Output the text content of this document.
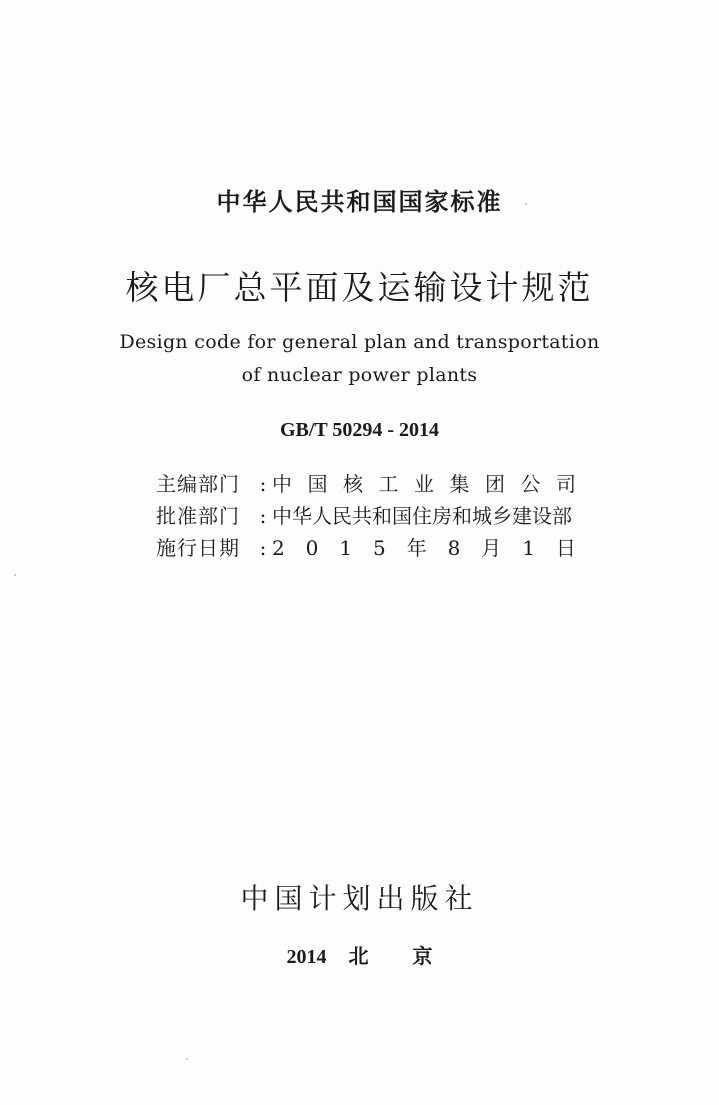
中华人民共和国国家标准
核电厂总平面及运输设计规范
Design code for general plan and transportation
of nuclear power plants
GB/T 50294 - 2014
主编部门 : 中 国 核 工 业 集 团 公 司
批准部门 : 中华人民共和国住房和城乡建设部
施行日期 : 2 0 1 5 年 8 月 1 日
中国计划出版社
2014 北 京
